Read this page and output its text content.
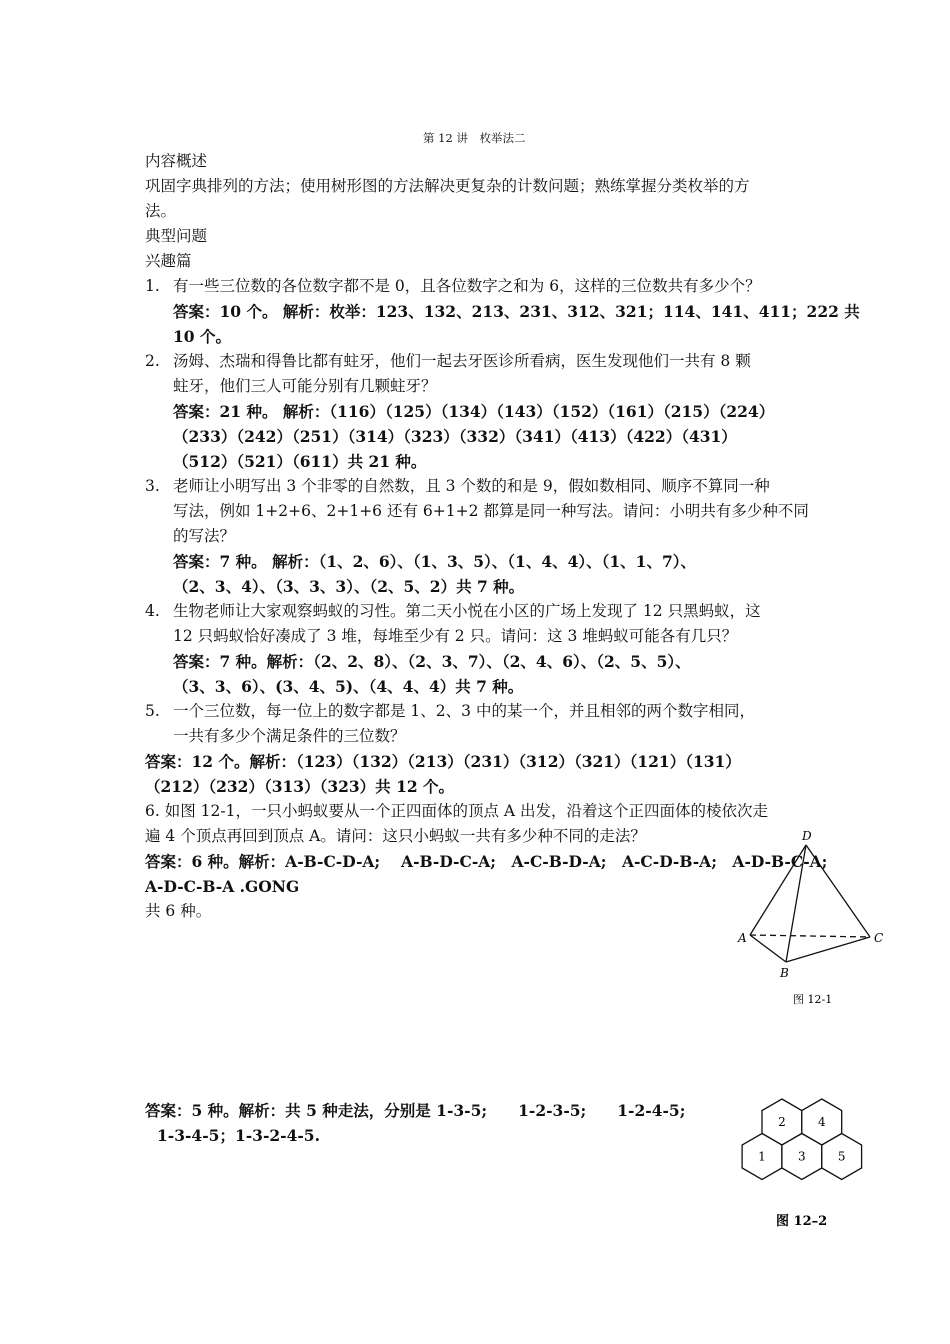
第 12 讲　枚举法二
内容概述
巩固字典排列的方法；使用树形图的方法解决更复杂的计数问题；熟练掌握分类枚举的方
法。
典型问题
兴趣篇
1. 有一些三位数的各位数字都不是 0，且各位数字之和为 6，这样的三位数共有多少个？
答案：10 个。 解析：枚举：123、132、213、231、312、321；114、141、411；222 共
10 个。
2. 汤姆、杰瑞和得鲁比都有蛀牙，他们一起去牙医诊所看病，医生发现他们一共有 8 颗
蛀牙，他们三人可能分别有几颗蛀牙？
答案：21 种。 解析：（116）（125）（134）（143）（152）（161）（215）（224）
（233）（242）（251）（314）（323）（332）（341）（413）（422）（431）
（512）（521）（611）共 21 种。
3. 老师让小明写出 3 个非零的自然数，且 3 个数的和是 9，假如数相同、顺序不算同一种
写法，例如 1+2+6、2+1+6 还有 6+1+2 都算是同一种写法。请问：小明共有多少种不同
的写法？
答案：7 种。 解析：（1、2、6）、（1、3、5）、（1、4、4）、（1、1、7）、
（2、3、4）、（3、3、3）、（2、5、2）共 7 种。
4. 生物老师让大家观察蚂蚁的习性。第二天小悦在小区的广场上发现了 12 只黑蚂蚁，这
12 只蚂蚁恰好凑成了 3 堆，每堆至少有 2 只。请问：这 3 堆蚂蚁可能各有几只？
答案：7 种。解析：（2、2、8）、（2、3、7）、（2、4、6）、（2、5、5）、
（3、3、6）、(3、4、5)、（4、4、4）共 7 种。
5. 一个三位数，每一位上的数字都是 1、2、3 中的某一个，并且相邻的两个数字相同，
一共有多少个满足条件的三位数？
答案：12 个。解析：（123）（132）（213）（231）（312）（321）（121）（131）
（212）（232）（313）（323）共 12 个。
6. 如图 12-1，一只小蚂蚁要从一个正四面体的顶点 A 出发，沿着这个正四面体的棱依次走
遍 4 个顶点再回到顶点 A。请问：这只小蚂蚁一共有多少种不同的走法？
答案：6 种。解析：A-B-C-D-A;　 A-B-D-C-A;　A-C-B-D-A;　A-C-D-B-A;　A-D-B-C-A;
A-D-C-B-A .GONG
共 6 种。
D
A	C
B
图 12-1
答案：5 种。解析：共 5 种走法，分别是 1-3-5;　　1-2-3-5;　　1-2-4-5;
1-3-4-5；1-3-2-4-5.
2	4
1	3	5
图 12–2
